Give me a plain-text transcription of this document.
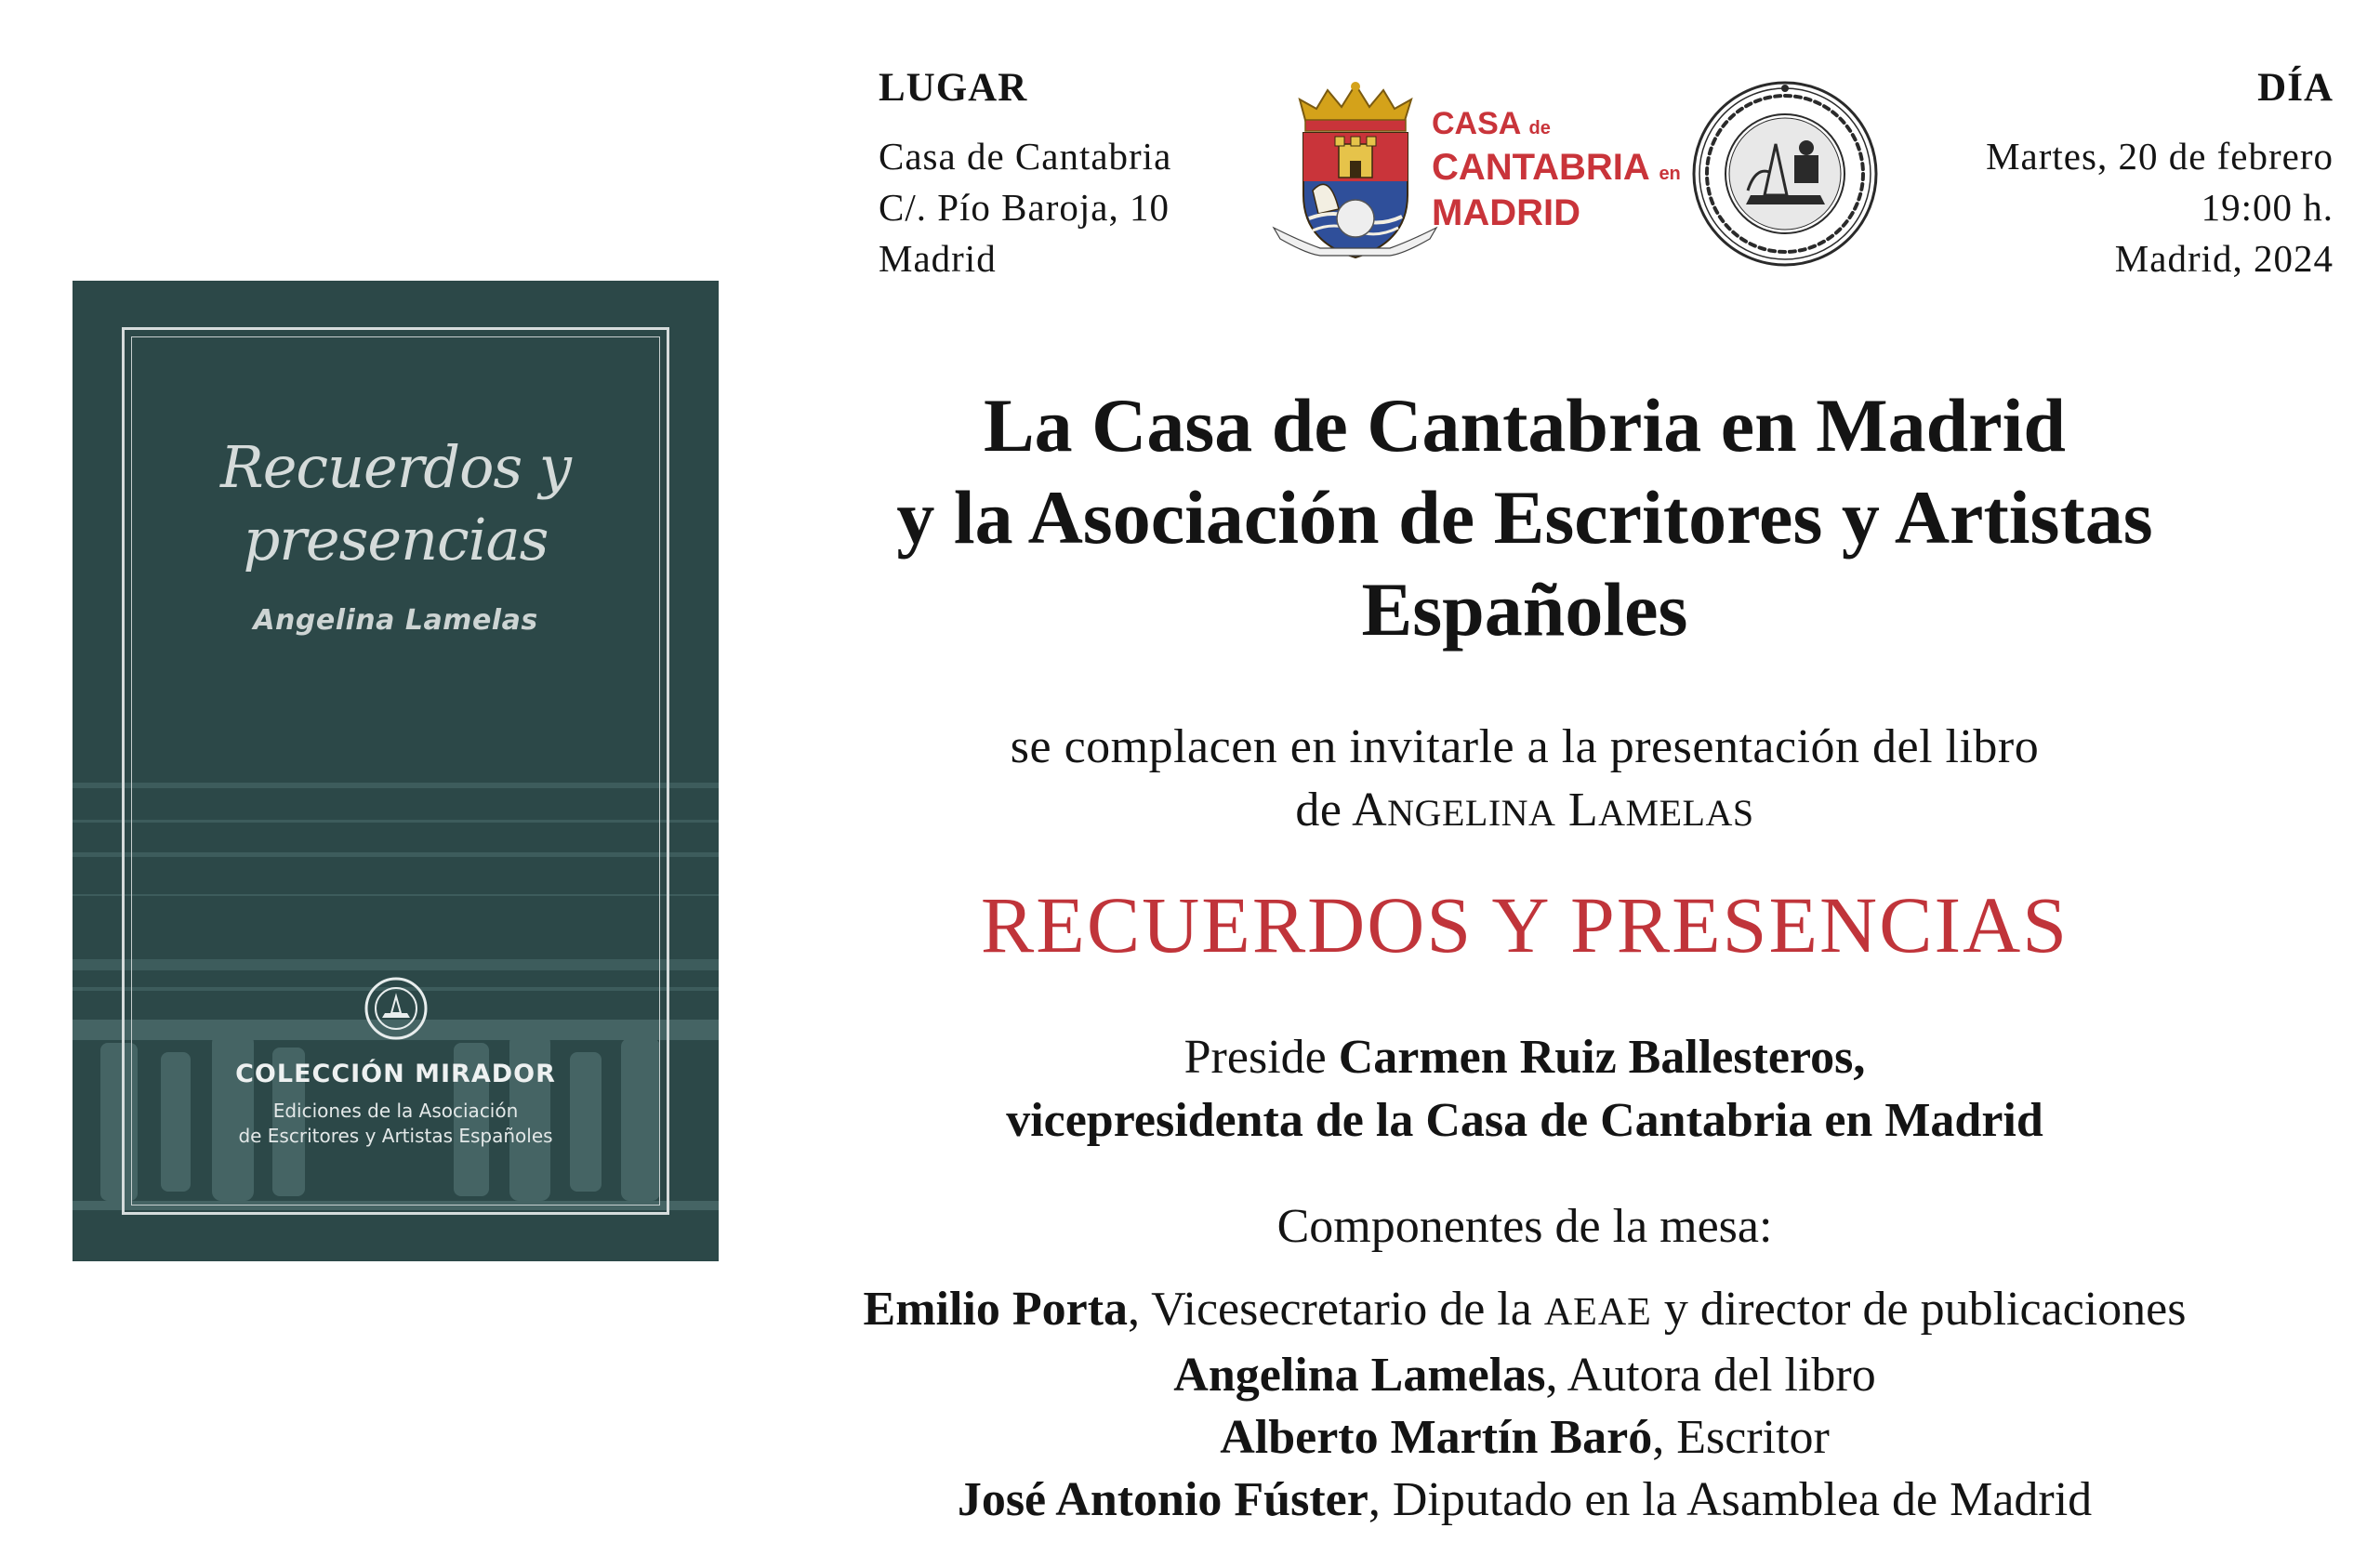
LUGAR
Casa de Cantabria
C/. Pío Baroja, 10
Madrid
CASA de
CANTABRIA en
MADRID
DÍA
Martes, 20 de febrero
19:00 h.
Madrid, 2024
Recuerdos y
presencias
Angelina Lamelas
COLECCIÓN MIRADOR
Ediciones de la Asociación
de Escritores y Artistas Españoles
La Casa de Cantabria en Madrid
y la Asociación de Escritores y Artistas
Españoles
se complacen en invitarle a la presentación del libro
de ANGELINA LAMELAS
RECUERDOS Y PRESENCIAS
Preside Carmen Ruiz Ballesteros,
vicepresidenta de la Casa de Cantabria en Madrid
Componentes de la mesa:
Emilio Porta, Vicesecretario de la AEAE y director de publicaciones
Angelina Lamelas, Autora del libro
Alberto Martín Baró, Escritor
José Antonio Fúster, Diputado en la Asamblea de Madrid
